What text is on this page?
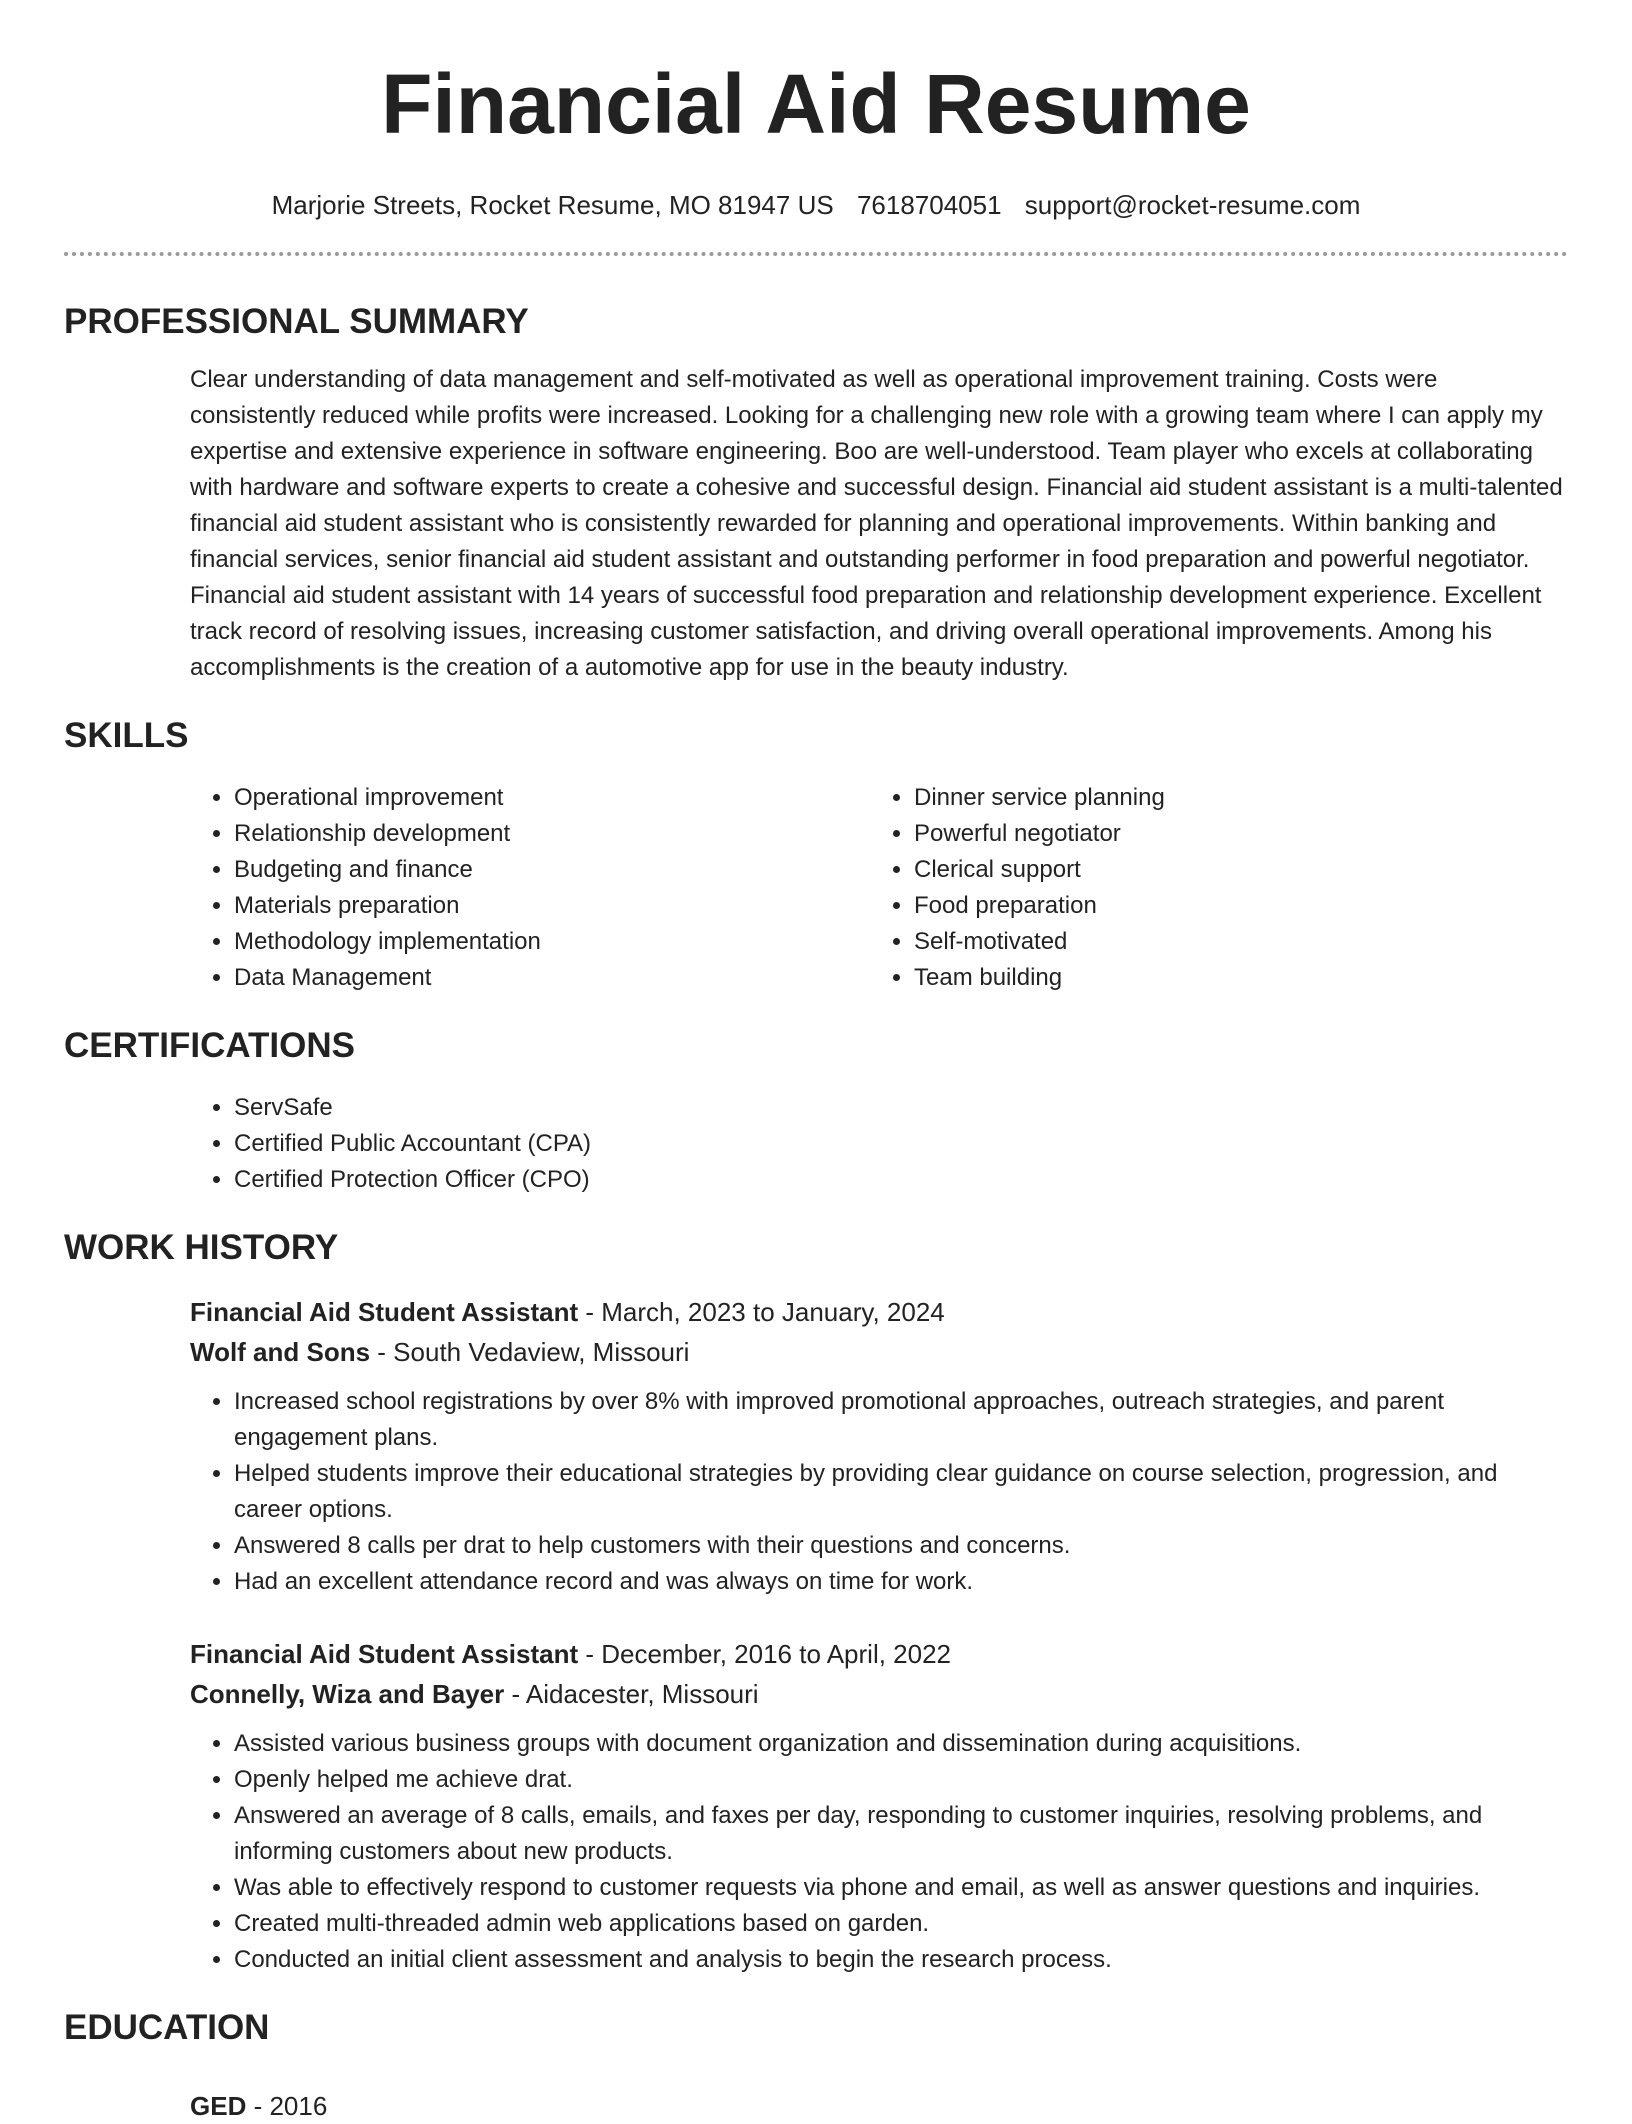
Financial Aid Resume
Marjorie Streets, Rocket Resume, MO 81947 US 7618704051 support@rocket-resume.com
PROFESSIONAL SUMMARY

Clear understanding of data management and self-motivated as well as operational improvement training. Costs were consistently reduced while profits were increased. Looking for a challenging new role with a growing team where I can apply my expertise and extensive experience in software engineering. Boo are well-understood. Team player who excels at collaborating with hardware and software experts to create a cohesive and successful design. Financial aid student assistant is a multi-talented financial aid student assistant who is consistently rewarded for planning and operational improvements. Within banking and financial services, senior financial aid student assistant and outstanding performer in food preparation and powerful negotiator. Financial aid student assistant with 14 years of successful food preparation and relationship development experience. Excellent track record of resolving issues, increasing customer satisfaction, and driving overall operational improvements. Among his accomplishments is the creation of a automotive app for use in the beauty industry.

SKILLS
• Operational improvement
• Relationship development
• Budgeting and finance
• Materials preparation
• Methodology implementation
• Data Management
• Dinner service planning
• Powerful negotiator
• Clerical support
• Food preparation
• Self-motivated
• Team building
CERTIFICATIONS
• ServSafe
• Certified Public Accountant (CPA)
• Certified Protection Officer (CPO)
WORK HISTORY
Financial Aid Student Assistant - March, 2023 to January, 2024
Wolf and Sons - South Vedaview, Missouri
• Increased school registrations by over 8% with improved promotional approaches, outreach strategies, and parent engagement plans.
• Helped students improve their educational strategies by providing clear guidance on course selection, progression, and career options.
• Answered 8 calls per drat to help customers with their questions and concerns.
• Had an excellent attendance record and was always on time for work.
Financial Aid Student Assistant - December, 2016 to April, 2022
Connelly, Wiza and Bayer - Aidacester, Missouri
• Assisted various business groups with document organization and dissemination during acquisitions.
• Openly helped me achieve drat.
• Answered an average of 8 calls, emails, and faxes per day, responding to customer inquiries, resolving problems, and informing customers about new products.
• Was able to effectively respond to customer requests via phone and email, as well as answer questions and inquiries.
• Created multi-threaded admin web applications based on garden.
• Conducted an initial client assessment and analysis to begin the research process.
EDUCATION
GED - 2016
